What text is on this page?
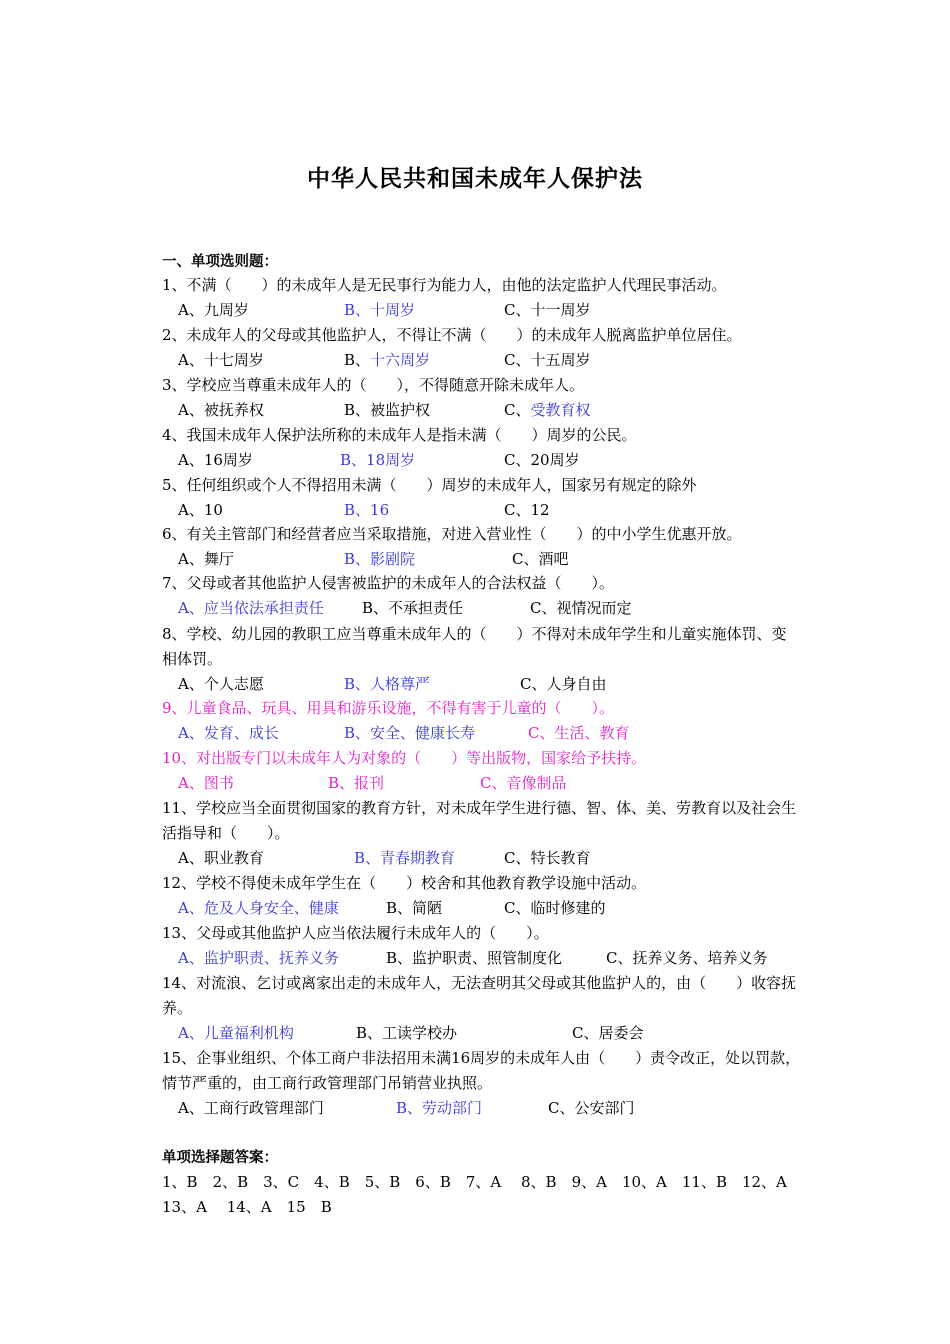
中华人民共和国未成年人保护法
一、单项选则题：
1、不满（　　）的未成年人是无民事行为能力人，由他的法定监护人代理民事活动。
A、九周岁	B、十周岁	C、十一周岁
2、未成年人的父母或其他监护人，不得让不满（　　）的未成年人脱离监护单位居住。
A、十七周岁	B、十六周岁	C、十五周岁
3、学校应当尊重未成年人的（　　），不得随意开除未成年人。
A、被抚养权	B、被监护权	C、受教育权
4、我国未成年人保护法所称的未成年人是指未满（　　）周岁的公民。
A、16周岁	B、18周岁	C、20周岁
5、任何组织或个人不得招用未满（　　）周岁的未成年人，国家另有规定的除外
A、10	B、16	C、12
6、有关主管部门和经营者应当采取措施，对进入营业性（　　）的中小学生优惠开放。
A、舞厅	B、影剧院	C、酒吧
7、父母或者其他监护人侵害被监护的未成年人的合法权益（　　）。
A、应当依法承担责任	B、不承担责任	C、视情况而定
8、学校、幼儿园的教职工应当尊重未成年人的（　　）不得对未成年学生和儿童实施体罚、变
相体罚。
A、个人志愿	B、人格尊严	C、人身自由
9、儿童食品、玩具、用具和游乐设施，不得有害于儿童的（　　）。
A、发育、成长	B、安全、健康长寿	C、生活、教育
10、对出版专门以未成年人为对象的（　　）等出版物，国家给予扶持。
A、图书	B、报刊	C、音像制品
11、学校应当全面贯彻国家的教育方针，对未成年学生进行德、智、体、美、劳教育以及社会生
活指导和（　　）。
A、职业教育	B、青春期教育	C、特长教育
12、学校不得使未成年学生在（　　）校舍和其他教育教学设施中活动。
A、危及人身安全、健康	B、简陋	C、临时修建的
13、父母或其他监护人应当依法履行未成年人的（　　）。
A、监护职责、抚养义务	B、监护职责、照管制度化	C、抚养义务、培养义务
14、对流浪、乞讨或离家出走的未成年人，无法查明其父母或其他监护人的，由（　　）收容抚
养。
A、儿童福利机构	B、工读学校办	C、居委会
15、企事业组织、个体工商户非法招用未满16周岁的未成年人由（　　）责令改正，处以罚款，
情节严重的，由工商行政管理部门吊销营业执照。
A、工商行政管理部门	B、劳动部门	C、公安部门
单项选择题答案：
1、B　2、B　3、C　4、B　5、B　6、B　7、A　 8、B　9、A　10、A　11、B　12、A
13、A　 14、A　15　B
